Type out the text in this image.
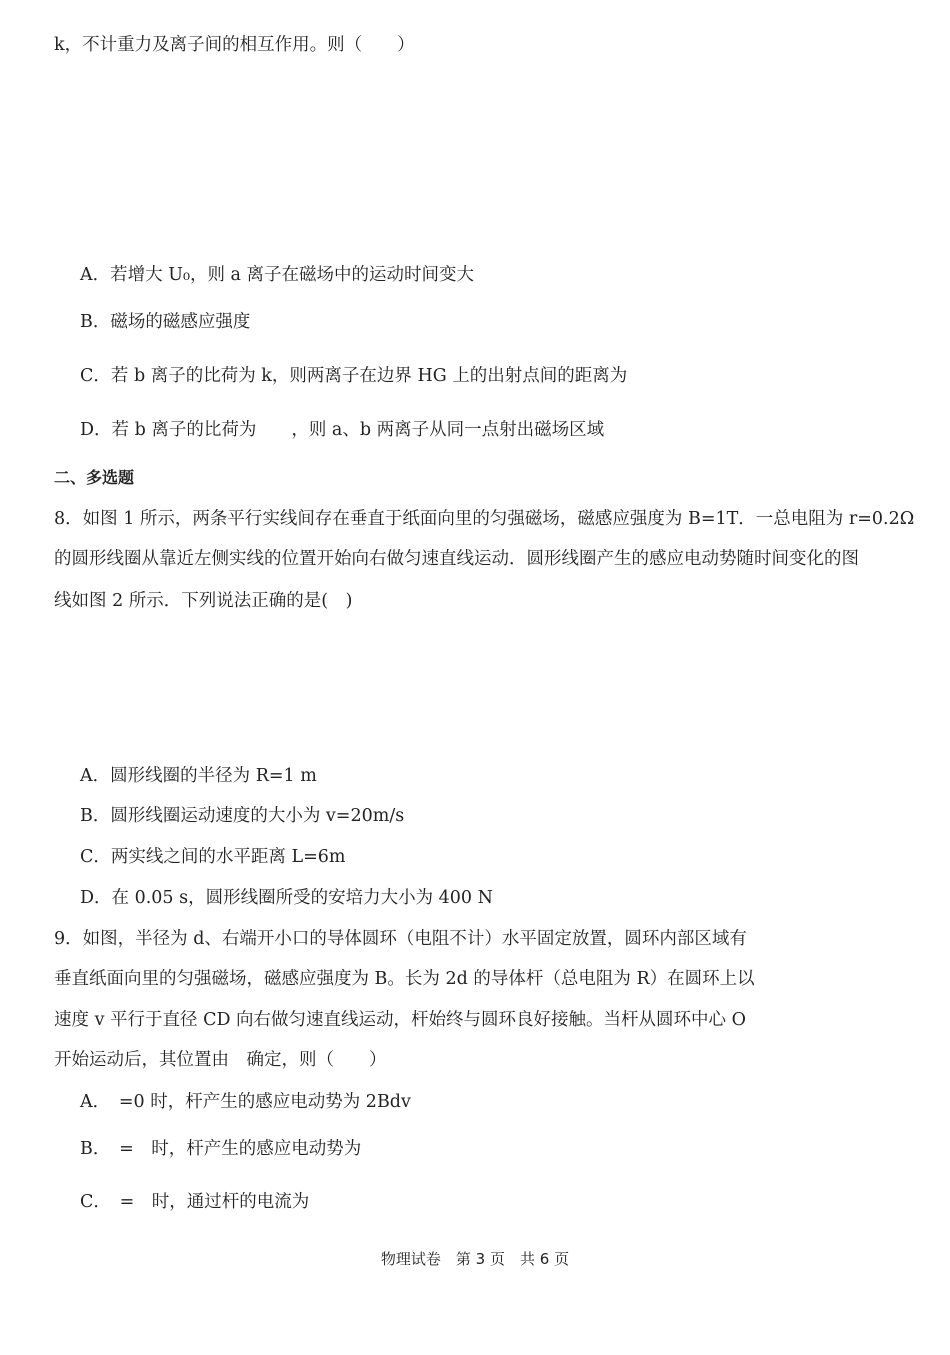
k，不计重力及离子间的相互作用。则（　　）
A．若增大 U₀，则 a 离子在磁场中的运动时间变大
B．磁场的磁感应强度
C．若 b 离子的比荷为 k，则两离子在边界 HG 上的出射点间的距离为
D．若 b 离子的比荷为　　，则 a、b 两离子从同一点射出磁场区域
二、多选题
8．如图 1 所示，两条平行实线间存在垂直于纸面向里的匀强磁场，磁感应强度为 B=1T．一总电阻为 r=0.2Ω
的圆形线圈从靠近左侧实线的位置开始向右做匀速直线运动．圆形线圈产生的感应电动势随时间变化的图
线如图 2 所示．下列说法正确的是(　)
A．圆形线圈的半径为 R=1 m
B．圆形线圈运动速度的大小为 v=20m/s
C．两实线之间的水平距离 L=6m
D．在 0.05 s，圆形线圈所受的安培力大小为 400 N
9．如图，半径为 d、右端开小口的导体圆环（电阻不计）水平固定放置，圆环内部区域有
垂直纸面向里的匀强磁场，磁感应强度为 B。长为 2d 的导体杆（总电阻为 R）在圆环上以
速度 v 平行于直径 CD 向右做匀速直线运动，杆始终与圆环良好接触。当杆从圆环中心 O
开始运动后，其位置由　确定，则（　　）
A．　=0 时，杆产生的感应电动势为 2Bdv
B．　=　时，杆产生的感应电动势为
C．　=　时，通过杆的电流为
物理试卷　第 3 页　共 6 页
